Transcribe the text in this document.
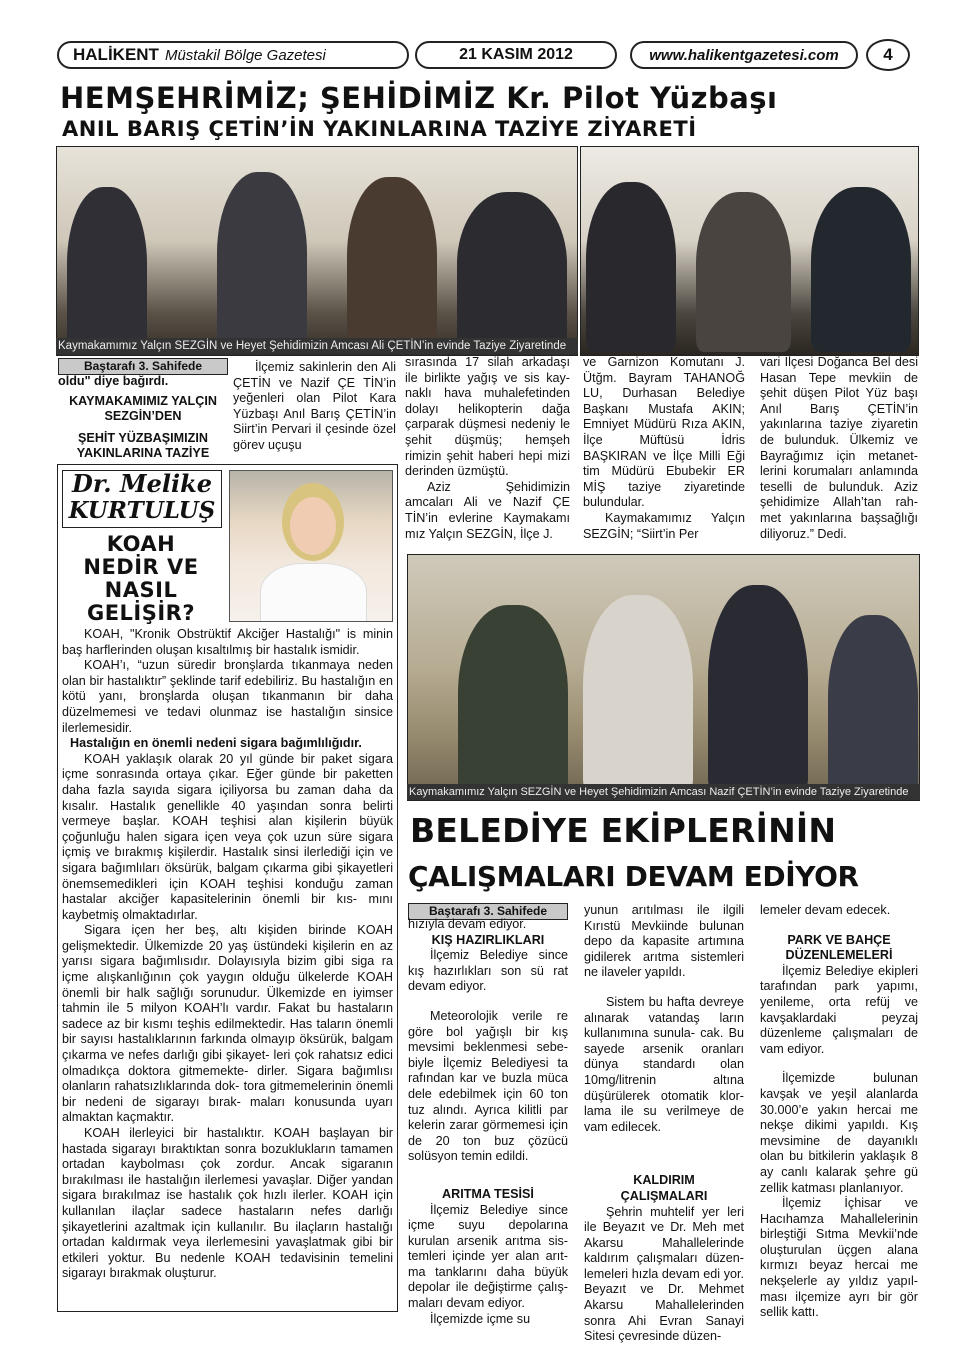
HALİKENT Müstakil Bölge Gazetesi	21 KASIM 2012	www.halikentgazetesi.com	4
HEMŞEHRİMİZ; ŞEHİDİMİZ Kr. Pilot Yüzbaşı
ANIL BARIŞ ÇETİN’İN YAKINLARINA TAZİYE ZİYARETİ
Kaymakamımız Yalçın SEZGİN ve Heyet Şehidimizin Amcası Ali ÇETİN’in evinde Taziye Ziyaretinde
Baştarafı 3. Sahifede

oldu" diye bağırdı.

KAYMAKAMIMIZ YALÇIN SEZGİN’DEN

ŞEHİT YÜZBAŞIMIZIN YAKINLARINA TAZİYE

İlçemiz sakinlerin den Ali ÇETİN ve Nazif ÇE TİN’in yeğenleri olan Pilot Kara Yüzbaşı Anıl Barış ÇETİN’in Siirt’in Pervari il çesinde özel görev uçuşu

sırasında 17 silah arkadaşı ile birlikte yağış ve sis kay- naklı hava muhalefetinden dolayı helikopterin dağa çarparak düşmesi nedeniy le şehit düşmüş; hemşeh rimizin şehit haberi hepi mizi derinden üzmüştü.

Aziz Şehidimizin amcaları Ali ve Nazif ÇE TİN’in evlerine Kaymakamı mız Yalçın SEZGİN, İlçe J.

ve Garnizon Komutanı J. Ütğm. Bayram TAHANOĞ LU, Durhasan Belediye Başkanı Mustafa AKIN; Emniyet Müdürü Rıza AKIN, İlçe Müftüsü İdris BAŞKIRAN ve İlçe Milli Eği tim Müdürü Ebubekir ER MİŞ taziye ziyaretinde bulundular.

Kaymakamımız Yalçın SEZGİN; “Siirt’in Per

vari İlçesi Doğanca Bel desi Hasan Tepe mevkiin de şehit düşen Pilot Yüz başı Anıl Barış ÇETİN’in yakınlarına taziye ziyaretin de bulunduk. Ülkemiz ve Bayrağımız için metanet- lerini korumaları anlamında teselli de bulunduk. Aziz şehidimize Allah’tan rah- met yakınlarına başsağlığı diliyoruz.” Dedi.
Dr. Melike
KURTULUŞ
KOAH
NEDİR VE
NASIL
GELİŞİR?

KOAH, "Kronik Obstrüktif Akciğer Hastalığı" is minin baş harflerinden oluşan kısaltılmış bir hastalık ismidir.

KOAH’ı, “uzun süredir bronşlarda tıkanmaya neden olan bir hastalıktır” şeklinde tarif edebiliriz. Bu hastalığın en kötü yanı, bronşlarda oluşan tıkanmanın bir daha düzelmemesi ve tedavi olunmaz ise hastalığın sinsice ilerlemesidir.

Hastalığın en önemli nedeni sigara bağımlılığıdır.

KOAH yaklaşık olarak 20 yıl günde bir paket sigara içme sonrasında ortaya çıkar. Eğer günde bir paketten daha fazla sayıda sigara içiliyorsa bu zaman daha da kısalır. Hastalık genellikle 40 yaşından sonra belirti vermeye başlar. KOAH teşhisi alan kişilerin büyük çoğunluğu halen sigara içen veya çok uzun süre sigara içmiş ve bırakmış kişilerdir. Hastalık sinsi ilerlediği için ve sigara bağımlıları öksürük, balgam çıkarma gibi şikayetleri önemsemedikleri için KOAH teşhisi konduğu zaman hastalar akciğer kapasitelerinin önemli bir kıs- mını kaybetmiş olmaktadırlar.

Sigara içen her beş, altı kişiden birinde KOAH gelişmektedir. Ülkemizde 20 yaş üstündeki kişilerin en az yarısı sigara bağımlısıdır. Dolayısıyla bizim gibi siga ra içme alışkanlığının çok yaygın olduğu ülkelerde KOAH önemli bir halk sağlığı sorunudur. Ülkemizde en iyimser tahmin ile 5 milyon KOAH’lı vardır. Fakat bu hastaların sadece az bir kısmı teşhis edilmektedir. Has taların önemli bir sayısı hastalıklarının farkında olmayıp öksürük, balgam çıkarma ve nefes darlığı gibi şikayet- leri çok rahatsız edici olmadıkça doktora gitmemekte- dirler. Sigara bağımlısı olanların rahatsızlıklarında dok- tora gitmemelerinin önemli bir nedeni de sigarayı bırak- maları konusunda uyarı almaktan kaçmaktır.

KOAH ilerleyici bir hastalıktır. KOAH başlayan bir hastada sigarayı bıraktıktan sonra bozuklukların tamamen ortadan kaybolması çok zordur. Ancak sigaranın bırakılması ile hastalığın ilerlemesi yavaşlar. Diğer yandan sigara bırakılmaz ise hastalık çok hızlı ilerler. KOAH için kullanılan ilaçlar sadece hastaların nefes darlığı şikayetlerini azaltmak için kullanılır. Bu ilaçların hastalığı ortadan kaldırmak veya ilerlemesini yavaşlatmak gibi bir etkileri yoktur. Bu nedenle KOAH tedavisinin temelini sigarayı bırakmak oluşturur.

Kaymakamımız Yalçın SEZGİN ve Heyet Şehidimizin Amcası Nazif ÇETİN’in evinde Taziye Ziyaretinde
BELEDİYE EKİPLERİNİN
ÇALIŞMALARI DEVAM EDİYOR
Baştarafı 3. Sahifede

hızıyla devam ediyor.

KIŞ HAZIRLIKLARI

İlçemiz Belediye since kış hazırlıkları son sü rat devam ediyor.

Meteorolojik verile re göre bol yağışlı bir kış mevsimi beklenmesi sebe- biyle İlçemiz Belediyesi ta rafından kar ve buzla müca dele edebilmek için 60 ton tuz alındı. Ayrıca kilitli par kelerin zarar görmemesi için de 20 ton buz çözücü solüsyon temin edildi.

ARITMA TESİSİ

İlçemiz Belediye since içme suyu depolarına kurulan arsenik arıtma sis- temleri içinde yer alan arıt- ma tanklarını daha büyük depolar ile değiştirme çalış- maları devam ediyor.

İlçemizde içme su

yunun arıtılması ile ilgili Kırıstü Mevkiinde bulunan depo da kapasite artımına gidilerek arıtma sistemleri ne ilaveler yapıldı.

Sistem bu hafta devreye alınarak vatandaş ların kullanımına sunula- cak. Bu sayede arsenik oranları dünya standardı olan 10mg/litrenin altına düşürülerek otomatik klor- lama ile su verilmeye de vam edilecek.

KALDIRIM ÇALIŞMALARI

Şehrin muhtelif yer leri ile Beyazıt ve Dr. Meh met Akarsu Mahallelerinde kaldırım çalışmaları düzen- lemeleri hızla devam edi yor. Beyazıt ve Dr. Mehmet Akarsu Mahallelerinden sonra Ahi Evran Sanayi Sitesi çevresinde düzen-

lemeler devam edecek.

PARK VE BAHÇE DÜZENLEMELERİ

İlçemiz Belediye ekipleri tarafından park yapımı, yenileme, orta refüj ve kavşaklardaki peyzaj düzenleme çalışmaları de vam ediyor.

İlçemizde bulunan kavşak ve yeşil alanlarda 30.000’e yakın hercai me nekşe dikimi yapıldı. Kış mevsimine de dayanıklı olan bu bitkilerin yaklaşık 8 ay canlı kalarak şehre gü zellik katması planlanıyor.

İlçemiz İçhisar ve Hacıhamza Mahallelerinin birleştiği Sıtma Mevkii’nde oluşturulan üçgen alana kırmızı beyaz hercai me nekşelerle ay yıldız yapıl- ması ilçemize ayrı bir gör sellik kattı.
